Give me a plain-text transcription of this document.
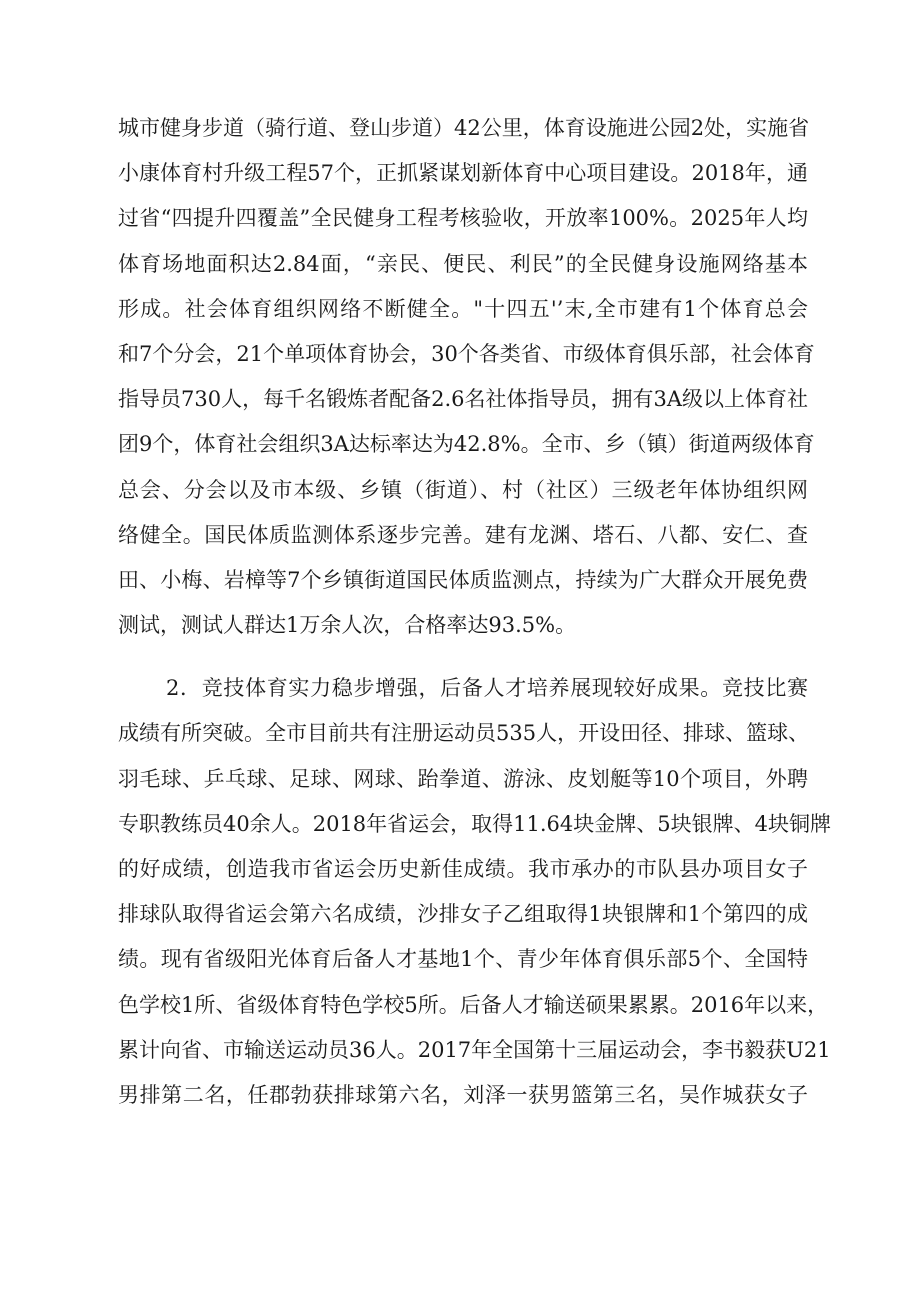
城市健身步道（骑行道、登山步道）42公里，体育设施进公园2处，实施省
小康体育村升级工程57个，正抓紧谋划新体育中心项目建设。2018年，通
过省“四提升四覆盖”全民健身工程考核验收，开放率100%。2025年人均
体育场地面积达2.84面，“亲民、便民、利民”的全民健身设施网络基本
形成。社会体育组织网络不断健全。"十四五'’末,全市建有1个体育总会
和7个分会，21个单项体育协会，30个各类省、市级体育俱乐部，社会体育
指导员730人，每千名锻炼者配备2.6名社体指导员，拥有3A级以上体育社
团9个，体育社会组织3A达标率达为42.8%。全市、乡（镇）街道两级体育
总会、分会以及市本级、乡镇（街道）、村（社区）三级老年体协组织网
络健全。国民体质监测体系逐步完善。建有龙渊、塔石、八都、安仁、查
田、小梅、岩樟等7个乡镇街道国民体质监测点，持续为广大群众开展免费
测试，测试人群达1万余人次，合格率达93.5%。
2．竞技体育实力稳步增强，后备人才培养展现较好成果。竞技比赛
成绩有所突破。全市目前共有注册运动员535人，开设田径、排球、篮球、
羽毛球、乒乓球、足球、网球、跆拳道、游泳、皮划艇等10个项目，外聘
专职教练员40余人。2018年省运会，取得11.64块金牌、5块银牌、4块铜牌
的好成绩，创造我市省运会历史新佳成绩。我市承办的市队县办项目女子
排球队取得省运会第六名成绩，沙排女子乙组取得1块银牌和1个第四的成
绩。现有省级阳光体育后备人才基地1个、青少年体育俱乐部5个、全国特
色学校1所、省级体育特色学校5所。后备人才输送硕果累累。2016年以来，
累计向省、市输送运动员36人。2017年全国第十三届运动会，李书毅获U21
男排第二名，任郡勃获排球第六名，刘泽一获男篮第三名，吴作城获女子
